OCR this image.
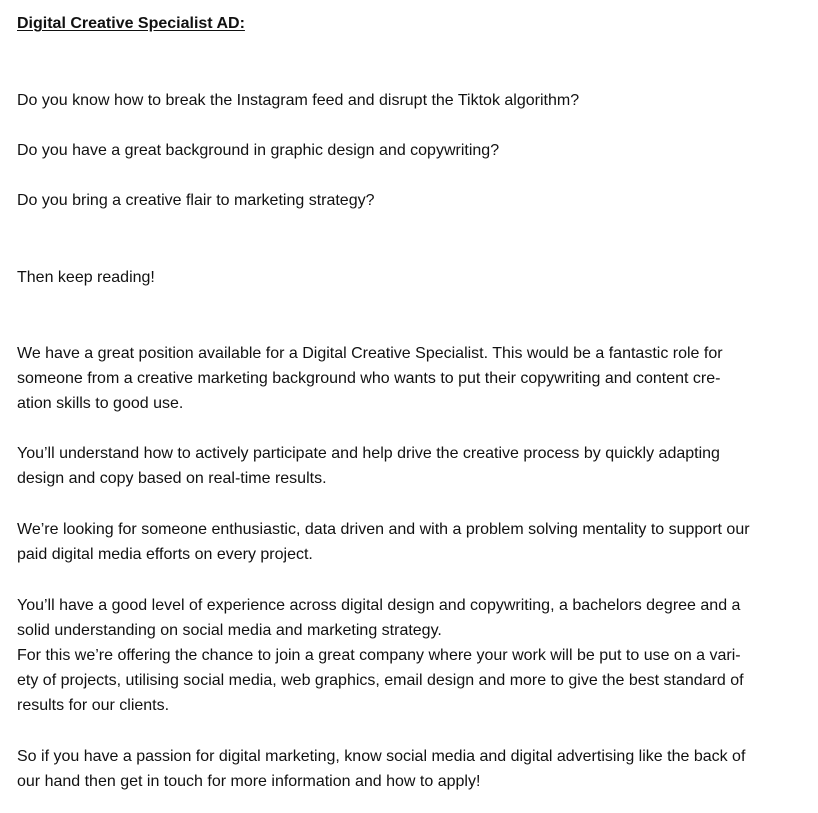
Digital Creative Specialist AD:
Do you know how to break the Instagram feed and disrupt the Tiktok algorithm?
Do you have a great background in graphic design and copywriting?
Do you bring a creative flair to marketing strategy?
Then keep reading!
We have a great position available for a Digital Creative Specialist. This would be a fantastic role for
someone from a creative marketing background who wants to put their copywriting and content cre-
ation skills to good use.
You’ll understand how to actively participate and help drive the creative process by quickly adapting
design and copy based on real-time results.
We’re looking for someone enthusiastic, data driven and with a problem solving mentality to support our
paid digital media efforts on every project.
You’ll have a good level of experience across digital design and copywriting, a bachelors degree and a
solid understanding on social media and marketing strategy.
For this we’re offering the chance to join a great company where your work will be put to use on a vari-
ety of projects, utilising social media, web graphics, email design and more to give the best standard of
results for our clients.
So if you have a passion for digital marketing, know social media and digital advertising like the back of
our hand then get in touch for more information and how to apply!
